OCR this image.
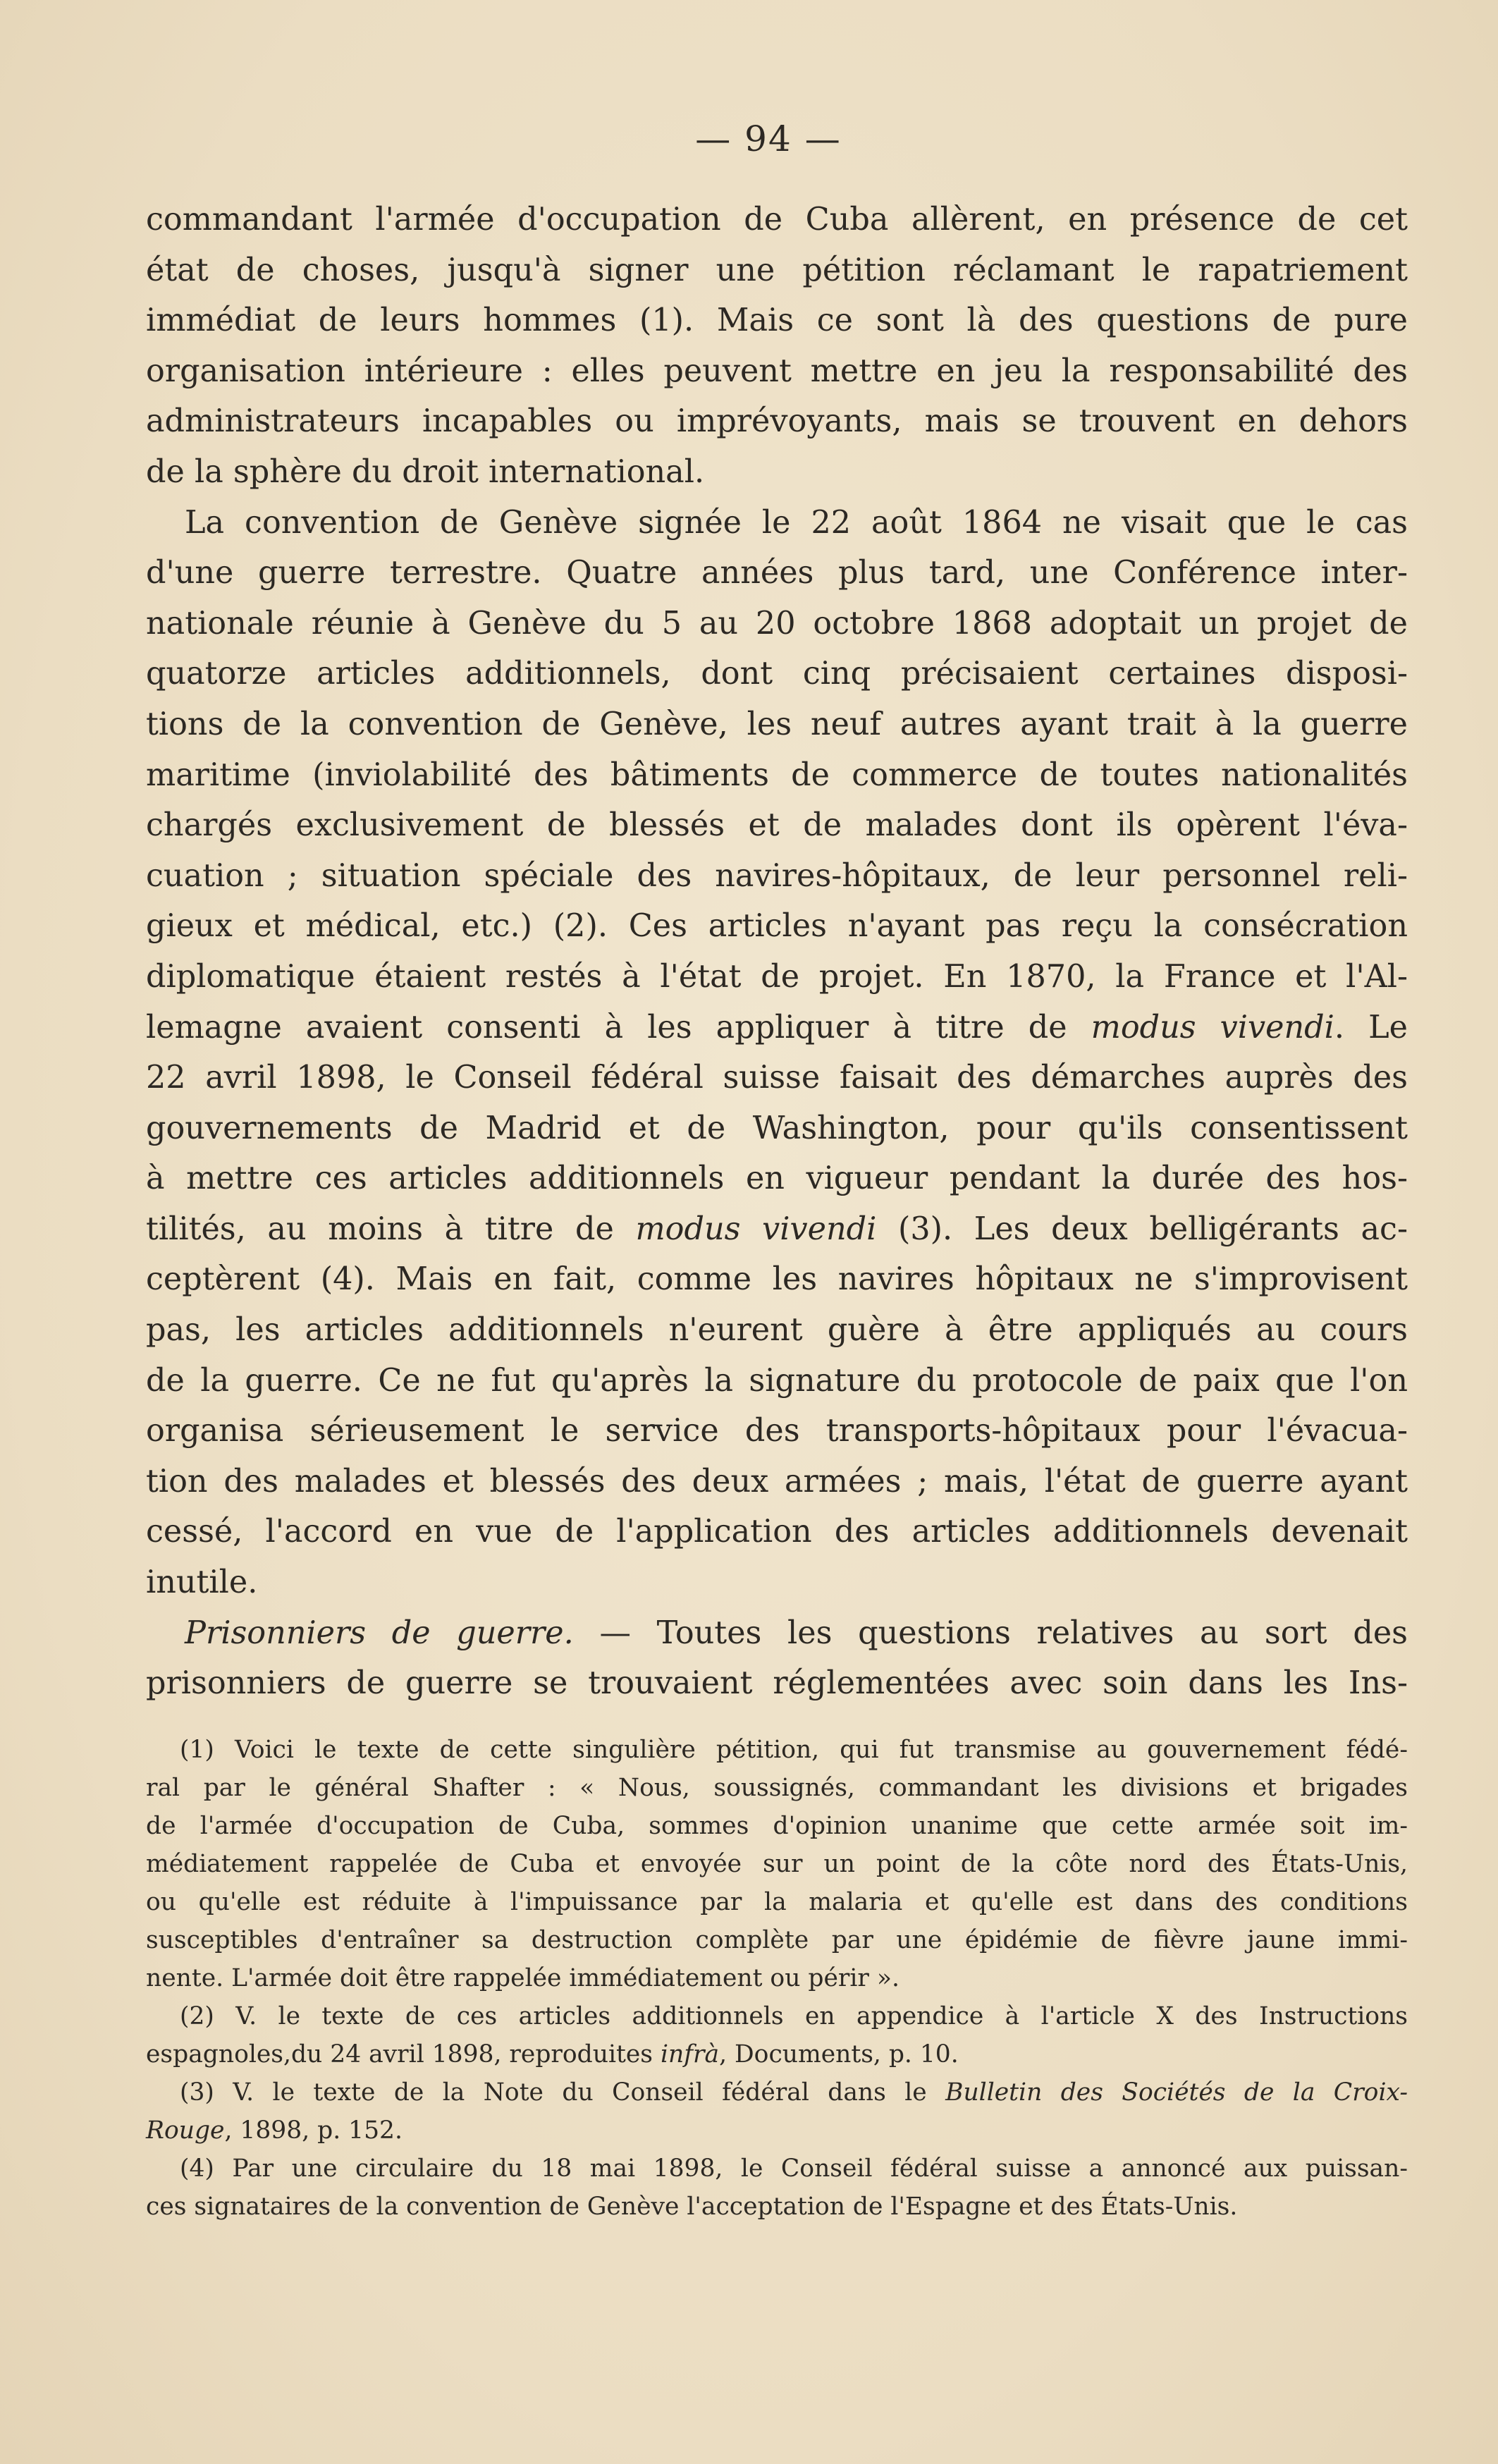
— 94 —
commandant l'armée d'occupation de Cuba allèrent, en présence de cet
état de choses, jusqu'à signer une pétition réclamant le rapatriement
immédiat de leurs hommes (1). Mais ce sont là des questions de pure
organisation intérieure : elles peuvent mettre en jeu la responsabilité des
administrateurs incapables ou imprévoyants, mais se trouvent en dehors
de la sphère du droit international.
La convention de Genève signée le 22 août 1864 ne visait que le cas
d'une guerre terrestre. Quatre années plus tard, une Conférence inter-
nationale réunie à Genève du 5 au 20 octobre 1868 adoptait un projet de
quatorze articles additionnels, dont cinq précisaient certaines disposi-
tions de la convention de Genève, les neuf autres ayant trait à la guerre
maritime (inviolabilité des bâtiments de commerce de toutes nationalités
chargés exclusivement de blessés et de malades dont ils opèrent l'éva-
cuation ; situation spéciale des navires-hôpitaux, de leur personnel reli-
gieux et médical, etc.) (2). Ces articles n'ayant pas reçu la consécration
diplomatique étaient restés à l'état de projet. En 1870, la France et l'Al-
lemagne avaient consenti à les appliquer à titre de modus vivendi. Le
22 avril 1898, le Conseil fédéral suisse faisait des démarches auprès des
gouvernements de Madrid et de Washington, pour qu'ils consentissent
à mettre ces articles additionnels en vigueur pendant la durée des hos-
tilités, au moins à titre de modus vivendi (3). Les deux belligérants ac-
ceptèrent (4). Mais en fait, comme les navires hôpitaux ne s'improvisent
pas, les articles additionnels n'eurent guère à être appliqués au cours
de la guerre. Ce ne fut qu'après la signature du protocole de paix que l'on
organisa sérieusement le service des transports-hôpitaux pour l'évacua-
tion des malades et blessés des deux armées ; mais, l'état de guerre ayant
cessé, l'accord en vue de l'application des articles additionnels devenait
inutile.
Prisonniers de guerre. — Toutes les questions relatives au sort des
prisonniers de guerre se trouvaient réglementées avec soin dans les Ins-
(1) Voici le texte de cette singulière pétition, qui fut transmise au gouvernement fédé-
ral par le général Shafter : « Nous, soussignés, commandant les divisions et brigades
de l'armée d'occupation de Cuba, sommes d'opinion unanime que cette armée soit im-
médiatement rappelée de Cuba et envoyée sur un point de la côte nord des États-Unis,
ou qu'elle est réduite à l'impuissance par la malaria et qu'elle est dans des conditions
susceptibles d'entraîner sa destruction complète par une épidémie de fièvre jaune immi-
nente. L'armée doit être rappelée immédiatement ou périr ».
(2) V. le texte de ces articles additionnels en appendice à l'article X des Instructions
espagnoles,du 24 avril 1898, reproduites infrà, Documents, p. 10.
(3) V. le texte de la Note du Conseil fédéral dans le Bulletin des Sociétés de la Croix-
Rouge, 1898, p. 152.
(4) Par une circulaire du 18 mai 1898, le Conseil fédéral suisse a annoncé aux puissan-
ces signataires de la convention de Genève l'acceptation de l'Espagne et des États-Unis.
